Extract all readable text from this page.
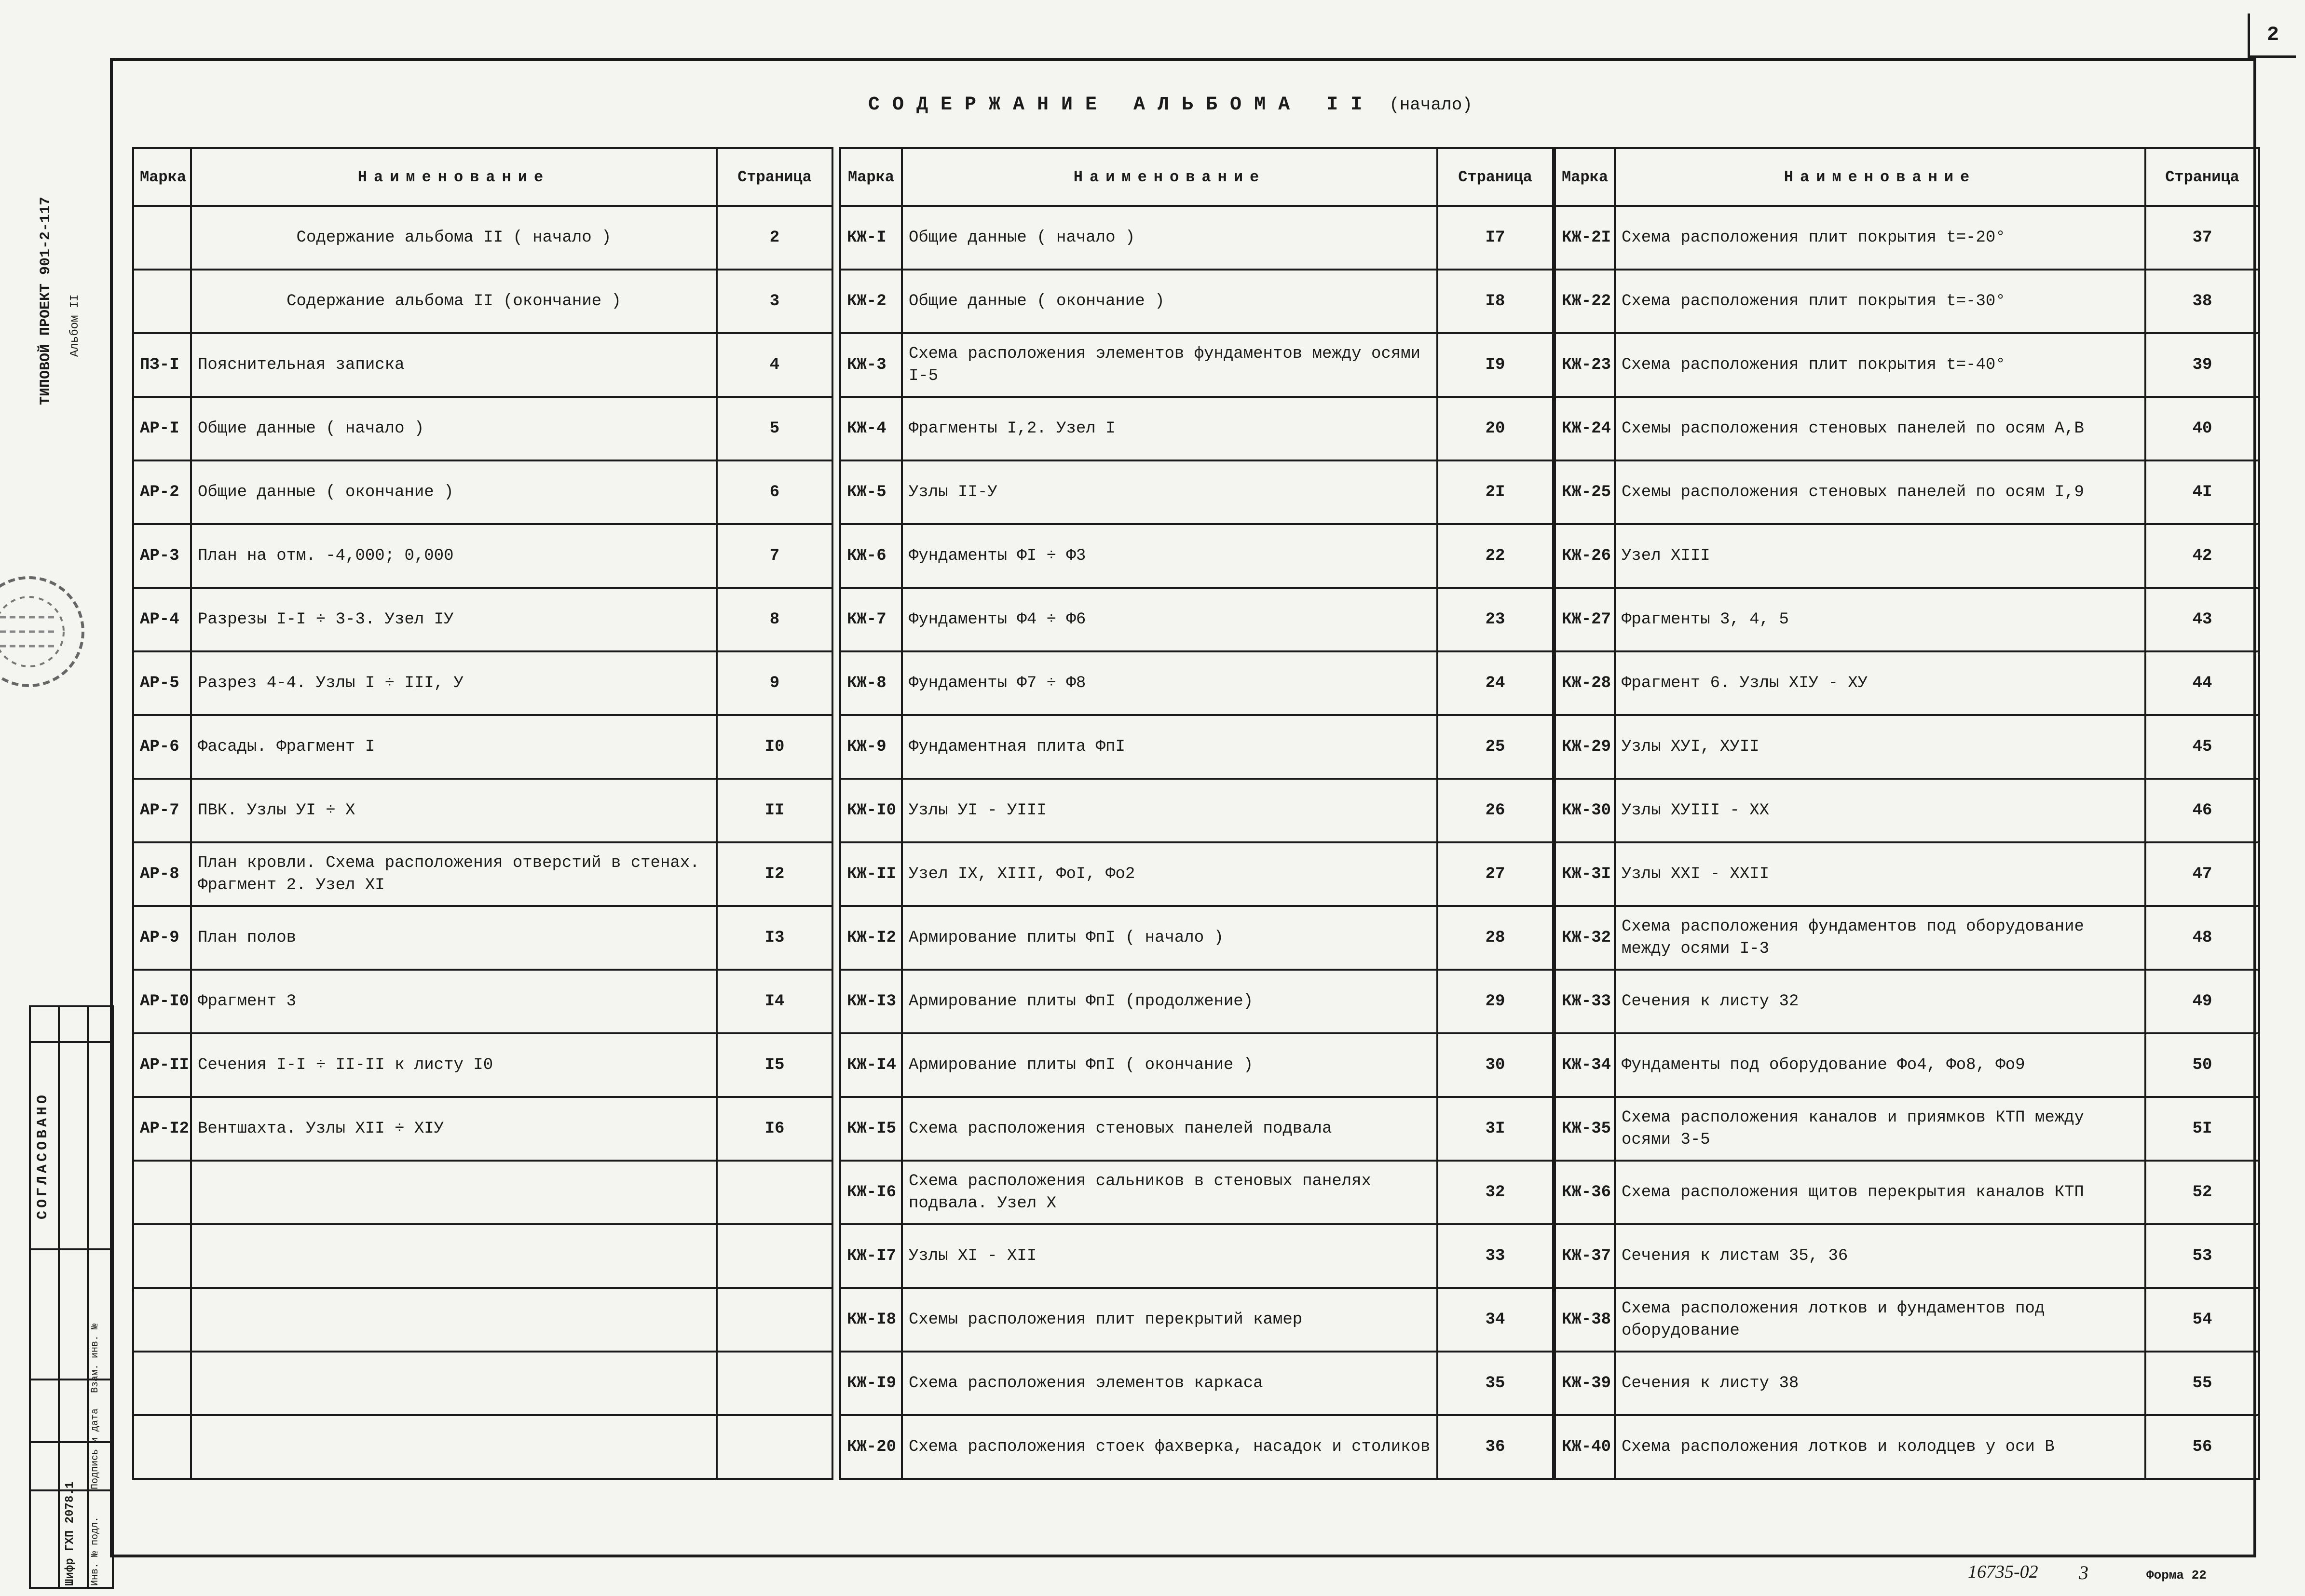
2
СОДЕРЖАНИЕ АЛЬБОМА II (начало)
ТИПОВОЙ ПРОЕКТ 901-2-117 Альбом II
СОГЛАСОВАНО
Шифр ГХП 2078.1 Инв. № подл.
Подпись и дата
Взам. инв. №
Марка	Наименование	Страница
	Содержание альбома II ( начало )	2
	Содержание альбома II (окончание )	3
ПЗ-I	Пояснительная записка	4
АР-I	Общие данные ( начало )	5
АР-2	Общие данные ( окончание )	6
АР-3	План на отм. -4,000; 0,000	7
АР-4	Разрезы I-I ÷ 3-3. Узел IУ	8
АР-5	Разрез 4-4. Узлы I ÷ III, У	9
АР-6	Фасады. Фрагмент I	I0
АР-7	ПВК. Узлы УI ÷ X	II
АР-8	План кровли. Схема расположения отверстий в стенах. Фрагмент 2. Узел XI	I2
АР-9	План полов	I3
АР-I0	Фрагмент 3	I4
АР-II	Сечения I-I ÷ II-II к листу I0	I5
АР-I2	Вентшахта. Узлы XII ÷ XIУ	I6

Марка	Наименование	Страница
КЖ-I	Общие данные ( начало )	I7
КЖ-2	Общие данные ( окончание )	I8
КЖ-3	Схема расположения элементов фундаментов между осями I-5	I9
КЖ-4	Фрагменты I,2. Узел I	20
КЖ-5	Узлы II-У	2I
КЖ-6	Фундаменты ФI ÷ Ф3	22
КЖ-7	Фундаменты Ф4 ÷ Ф6	23
КЖ-8	Фундаменты Ф7 ÷ Ф8	24
КЖ-9	Фундаментная плита ФпI	25
КЖ-I0	Узлы УI - УIII	26
КЖ-II	Узел IX, XIII, ФоI, Фо2	27
КЖ-I2	Армирование плиты ФпI ( начало )	28
КЖ-I3	Армирование плиты ФпI (продолжение)	29
КЖ-I4	Армирование плиты ФпI ( окончание )	30
КЖ-I5	Схема расположения стеновых панелей подвала	3I
КЖ-I6	Схема расположения сальников в стеновых панелях подвала. Узел X	32
КЖ-I7	Узлы XI - XII	33
КЖ-I8	Схемы расположения плит перекрытий камер	34
КЖ-I9	Схема расположения элементов каркаса	35
КЖ-20	Схема расположения стоек фахверка, насадок и столиков	36
Марка	Наименование	Страница
КЖ-2I	Схема расположения плит покрытия t=-20°	37
КЖ-22	Схема расположения плит покрытия t=-30°	38
КЖ-23	Схема расположения плит покрытия t=-40°	39
КЖ-24	Схемы расположения стеновых панелей по осям А,В	40
КЖ-25	Схемы расположения стеновых панелей по осям I,9	4I
КЖ-26	Узел XIII	42
КЖ-27	Фрагменты 3, 4, 5	43
КЖ-28	Фрагмент 6. Узлы XIУ - XУ	44
КЖ-29	Узлы XУI, XУII	45
КЖ-30	Узлы XУIII - XX	46
КЖ-3I	Узлы XXI - XXII	47
КЖ-32	Схема расположения фундаментов под оборудование между осями I-3	48
КЖ-33	Сечения к листу 32	49
КЖ-34	Фундаменты под оборудование Фо4, Фо8, Фо9	50
КЖ-35	Схема расположения каналов и приямков КТП между осями 3-5	5I
КЖ-36	Схема расположения щитов перекрытия каналов КТП	52
КЖ-37	Сечения к листам 35, 36	53
КЖ-38	Схема расположения лотков и фундаментов под оборудование	54
КЖ-39	Сечения к листу 38	55
КЖ-40	Схема расположения лотков и колодцев у оси В	56
16735-02 3	Форма 22
